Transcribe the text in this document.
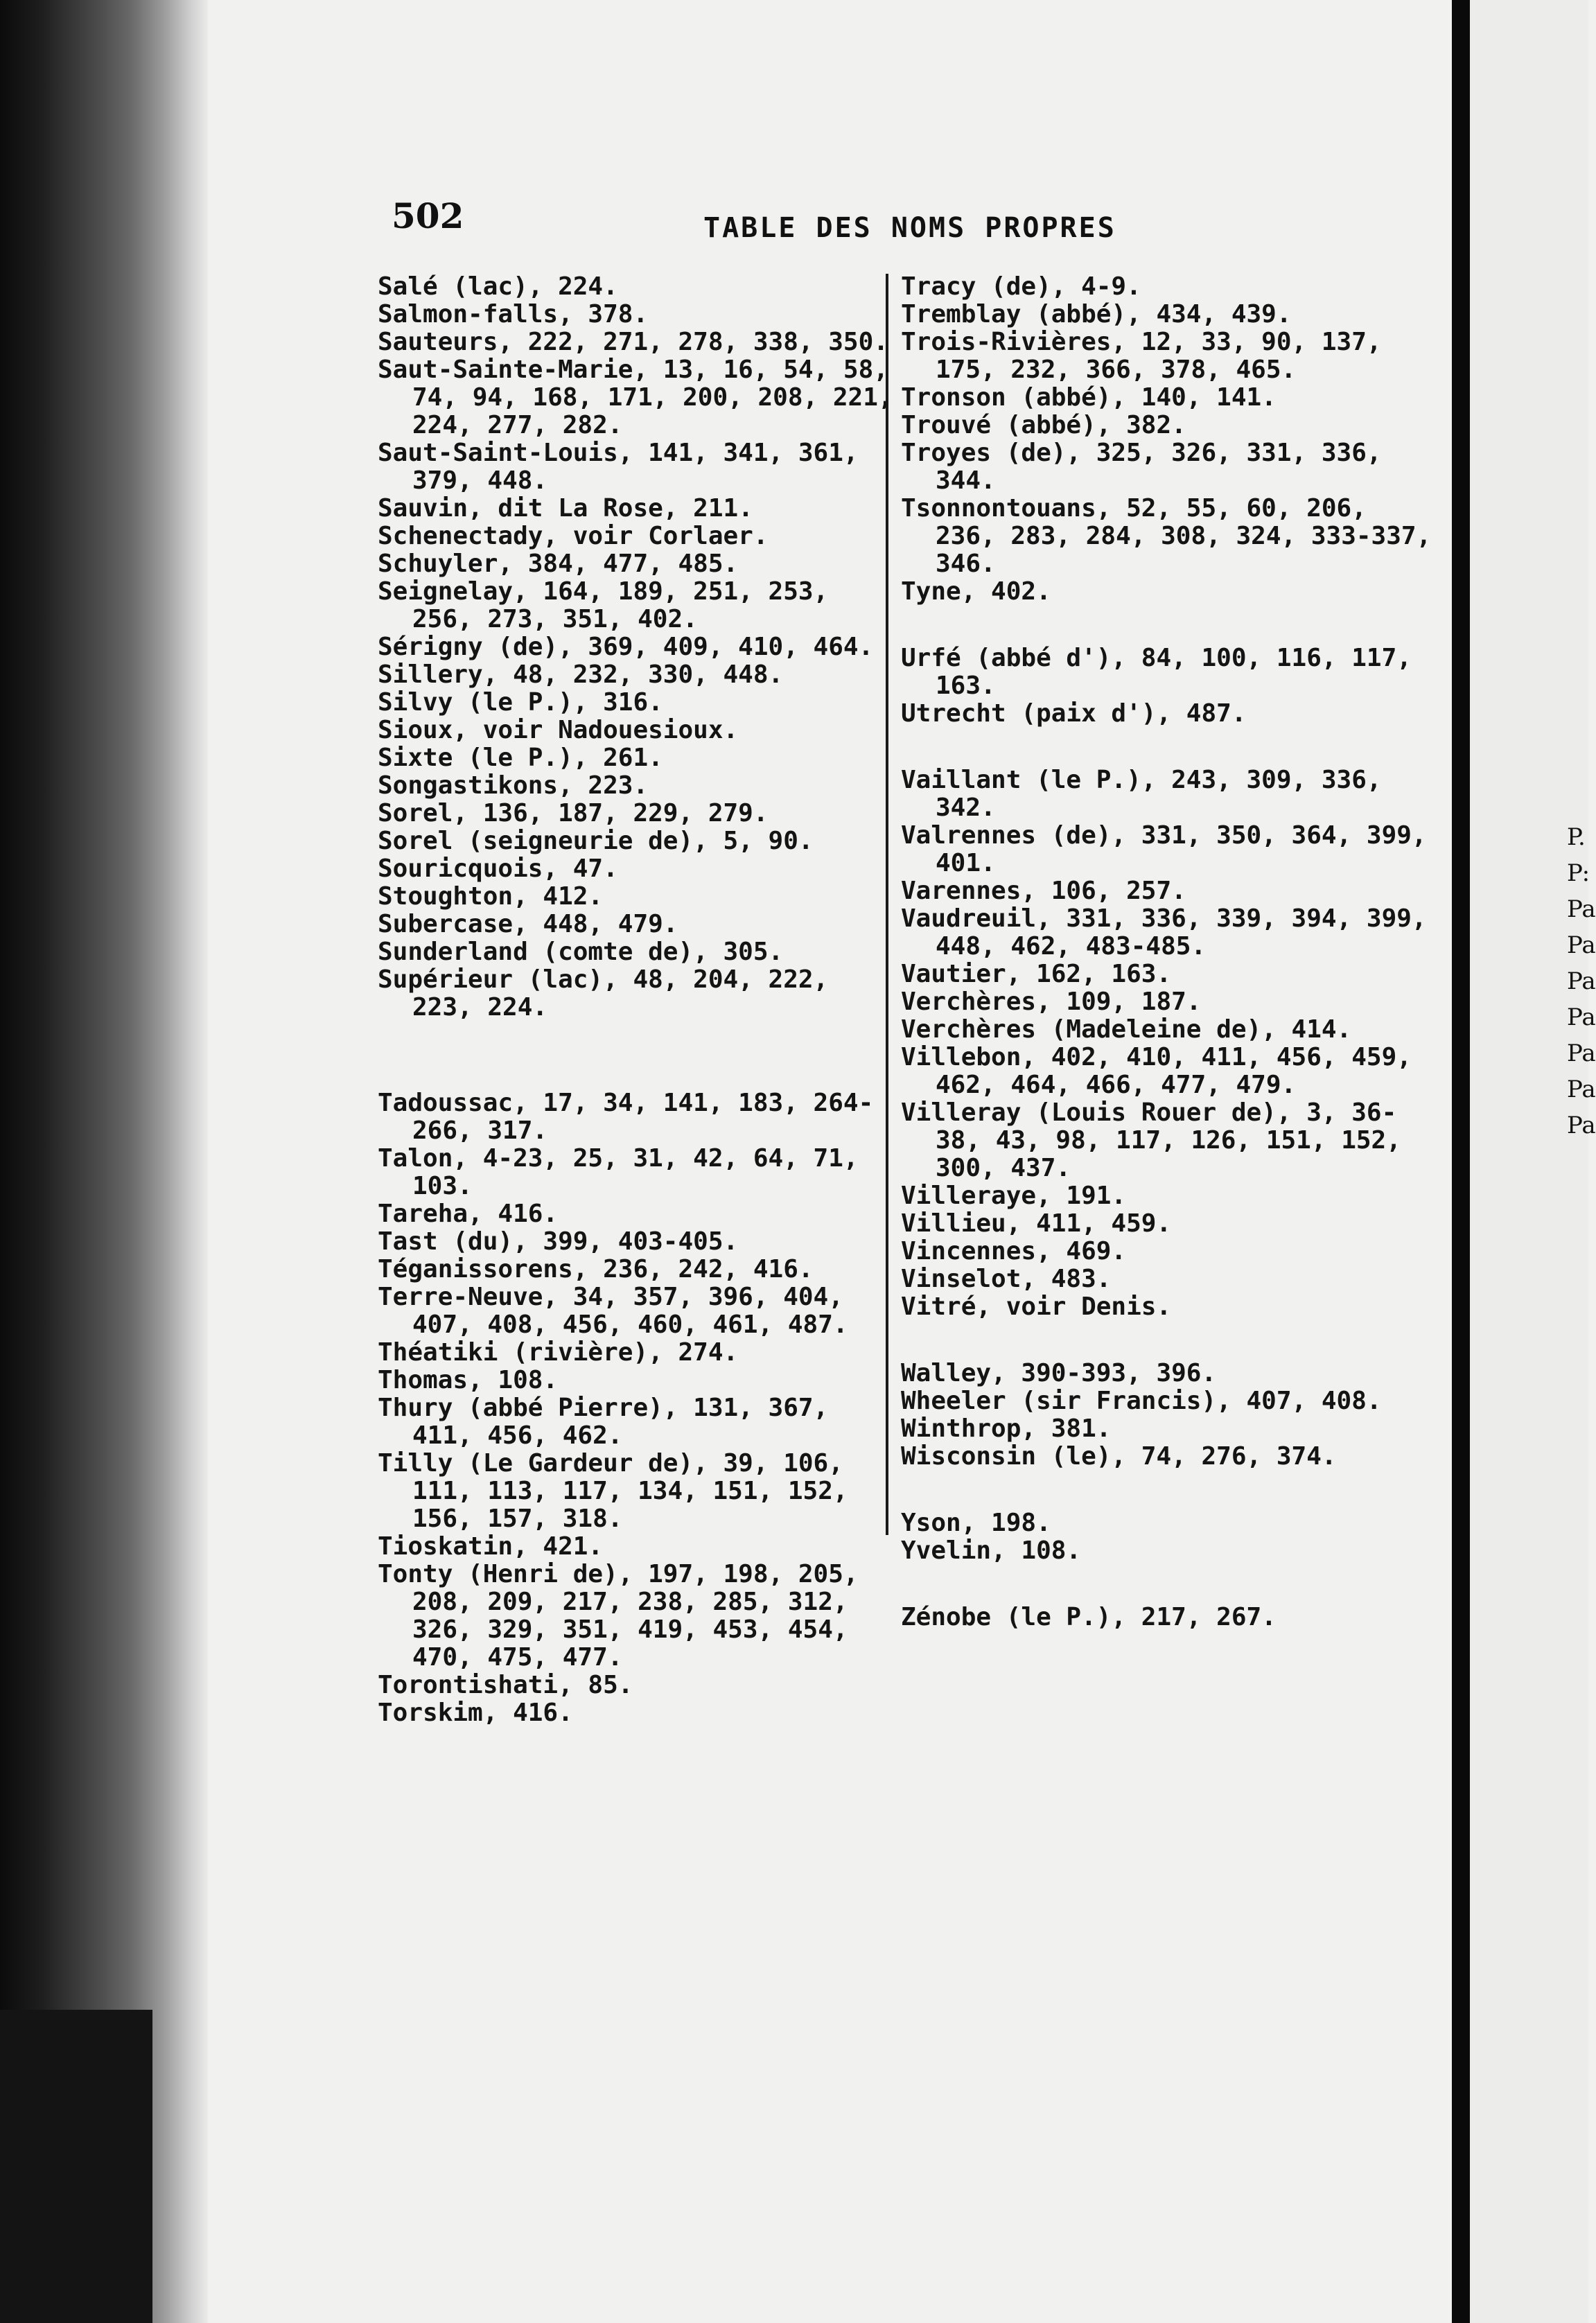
502	TABLE DES NOMS PROPRES

Salé (lac), 224.

Salmon-falls, 378.

Sauteurs, 222, 271, 278, 338, 350.

Saut-Sainte-Marie, 13, 16, 54, 58, 74, 94, 168, 171, 200, 208, 221, 224, 277, 282.

Saut-Saint-Louis, 141, 341, 361, 379, 448.

Sauvin, dit La Rose, 211.

Schenectady, voir Corlaer.

Schuyler, 384, 477, 485.

Seignelay, 164, 189, 251, 253, 256, 273, 351, 402.

Sérigny (de), 369, 409, 410, 464.

Sillery, 48, 232, 330, 448.

Silvy (le P.), 316.

Sioux, voir Nadouesioux.

Sixte (le P.), 261.

Songastikons, 223.

Sorel, 136, 187, 229, 279.

Sorel (seigneurie de), 5, 90.

Souricquois, 47.

Stoughton, 412.

Subercase, 448, 479.

Sunderland (comte de), 305.

Supérieur (lac), 48, 204, 222, 223, 224.

Tadoussac, 17, 34, 141, 183, 264-266, 317.

Talon, 4-23, 25, 31, 42, 64, 71, 103.

Tareha, 416.

Tast (du), 399, 403-405.

Téganissorens, 236, 242, 416.

Terre-Neuve, 34, 357, 396, 404, 407, 408, 456, 460, 461, 487.

Théatiki (rivière), 274.

Thomas, 108.

Thury (abbé Pierre), 131, 367, 411, 456, 462.

Tilly (Le Gardeur de), 39, 106, 111, 113, 117, 134, 151, 152, 156, 157, 318.

Tioskatin, 421.

Tonty (Henri de), 197, 198, 205, 208, 209, 217, 238, 285, 312, 326, 329, 351, 419, 453, 454, 470, 475, 477.

Torontishati, 85.

Torskim, 416.

Tracy (de), 4-9.

Tremblay (abbé), 434, 439.

Trois-Rivières, 12, 33, 90, 137, 175, 232, 366, 378, 465.

Tronson (abbé), 140, 141.

Trouvé (abbé), 382.

Troyes (de), 325, 326, 331, 336, 344.

Tsonnontouans, 52, 55, 60, 206, 236, 283, 284, 308, 324, 333-337, 346.

Tyne, 402.

Urfé (abbé d'), 84, 100, 116, 117, 163.

Utrecht (paix d'), 487.

Vaillant (le P.), 243, 309, 336, 342.

Valrennes (de), 331, 350, 364, 399, 401.

Varennes, 106, 257.

Vaudreuil, 331, 336, 339, 394, 399, 448, 462, 483-485.

Vautier, 162, 163.

Verchères, 109, 187.

Verchères (Madeleine de), 414.

Villebon, 402, 410, 411, 456, 459, 462, 464, 466, 477, 479.

Villeray (Louis Rouer de), 3, 36-38, 43, 98, 117, 126, 151, 152, 300, 437.

Villeraye, 191.

Villieu, 411, 459.

Vincennes, 469.

Vinselot, 483.

Vitré, voir Denis.

Walley, 390-393, 396.

Wheeler (sir Francis), 407, 408.

Winthrop, 381.

Wisconsin (le), 74, 276, 374.

Yson, 198.

Yvelin, 108.

Zénobe (le P.), 217, 267.

P.
P:
Pa
Pa
Pa
Pa
Pa
Pa
Pa
